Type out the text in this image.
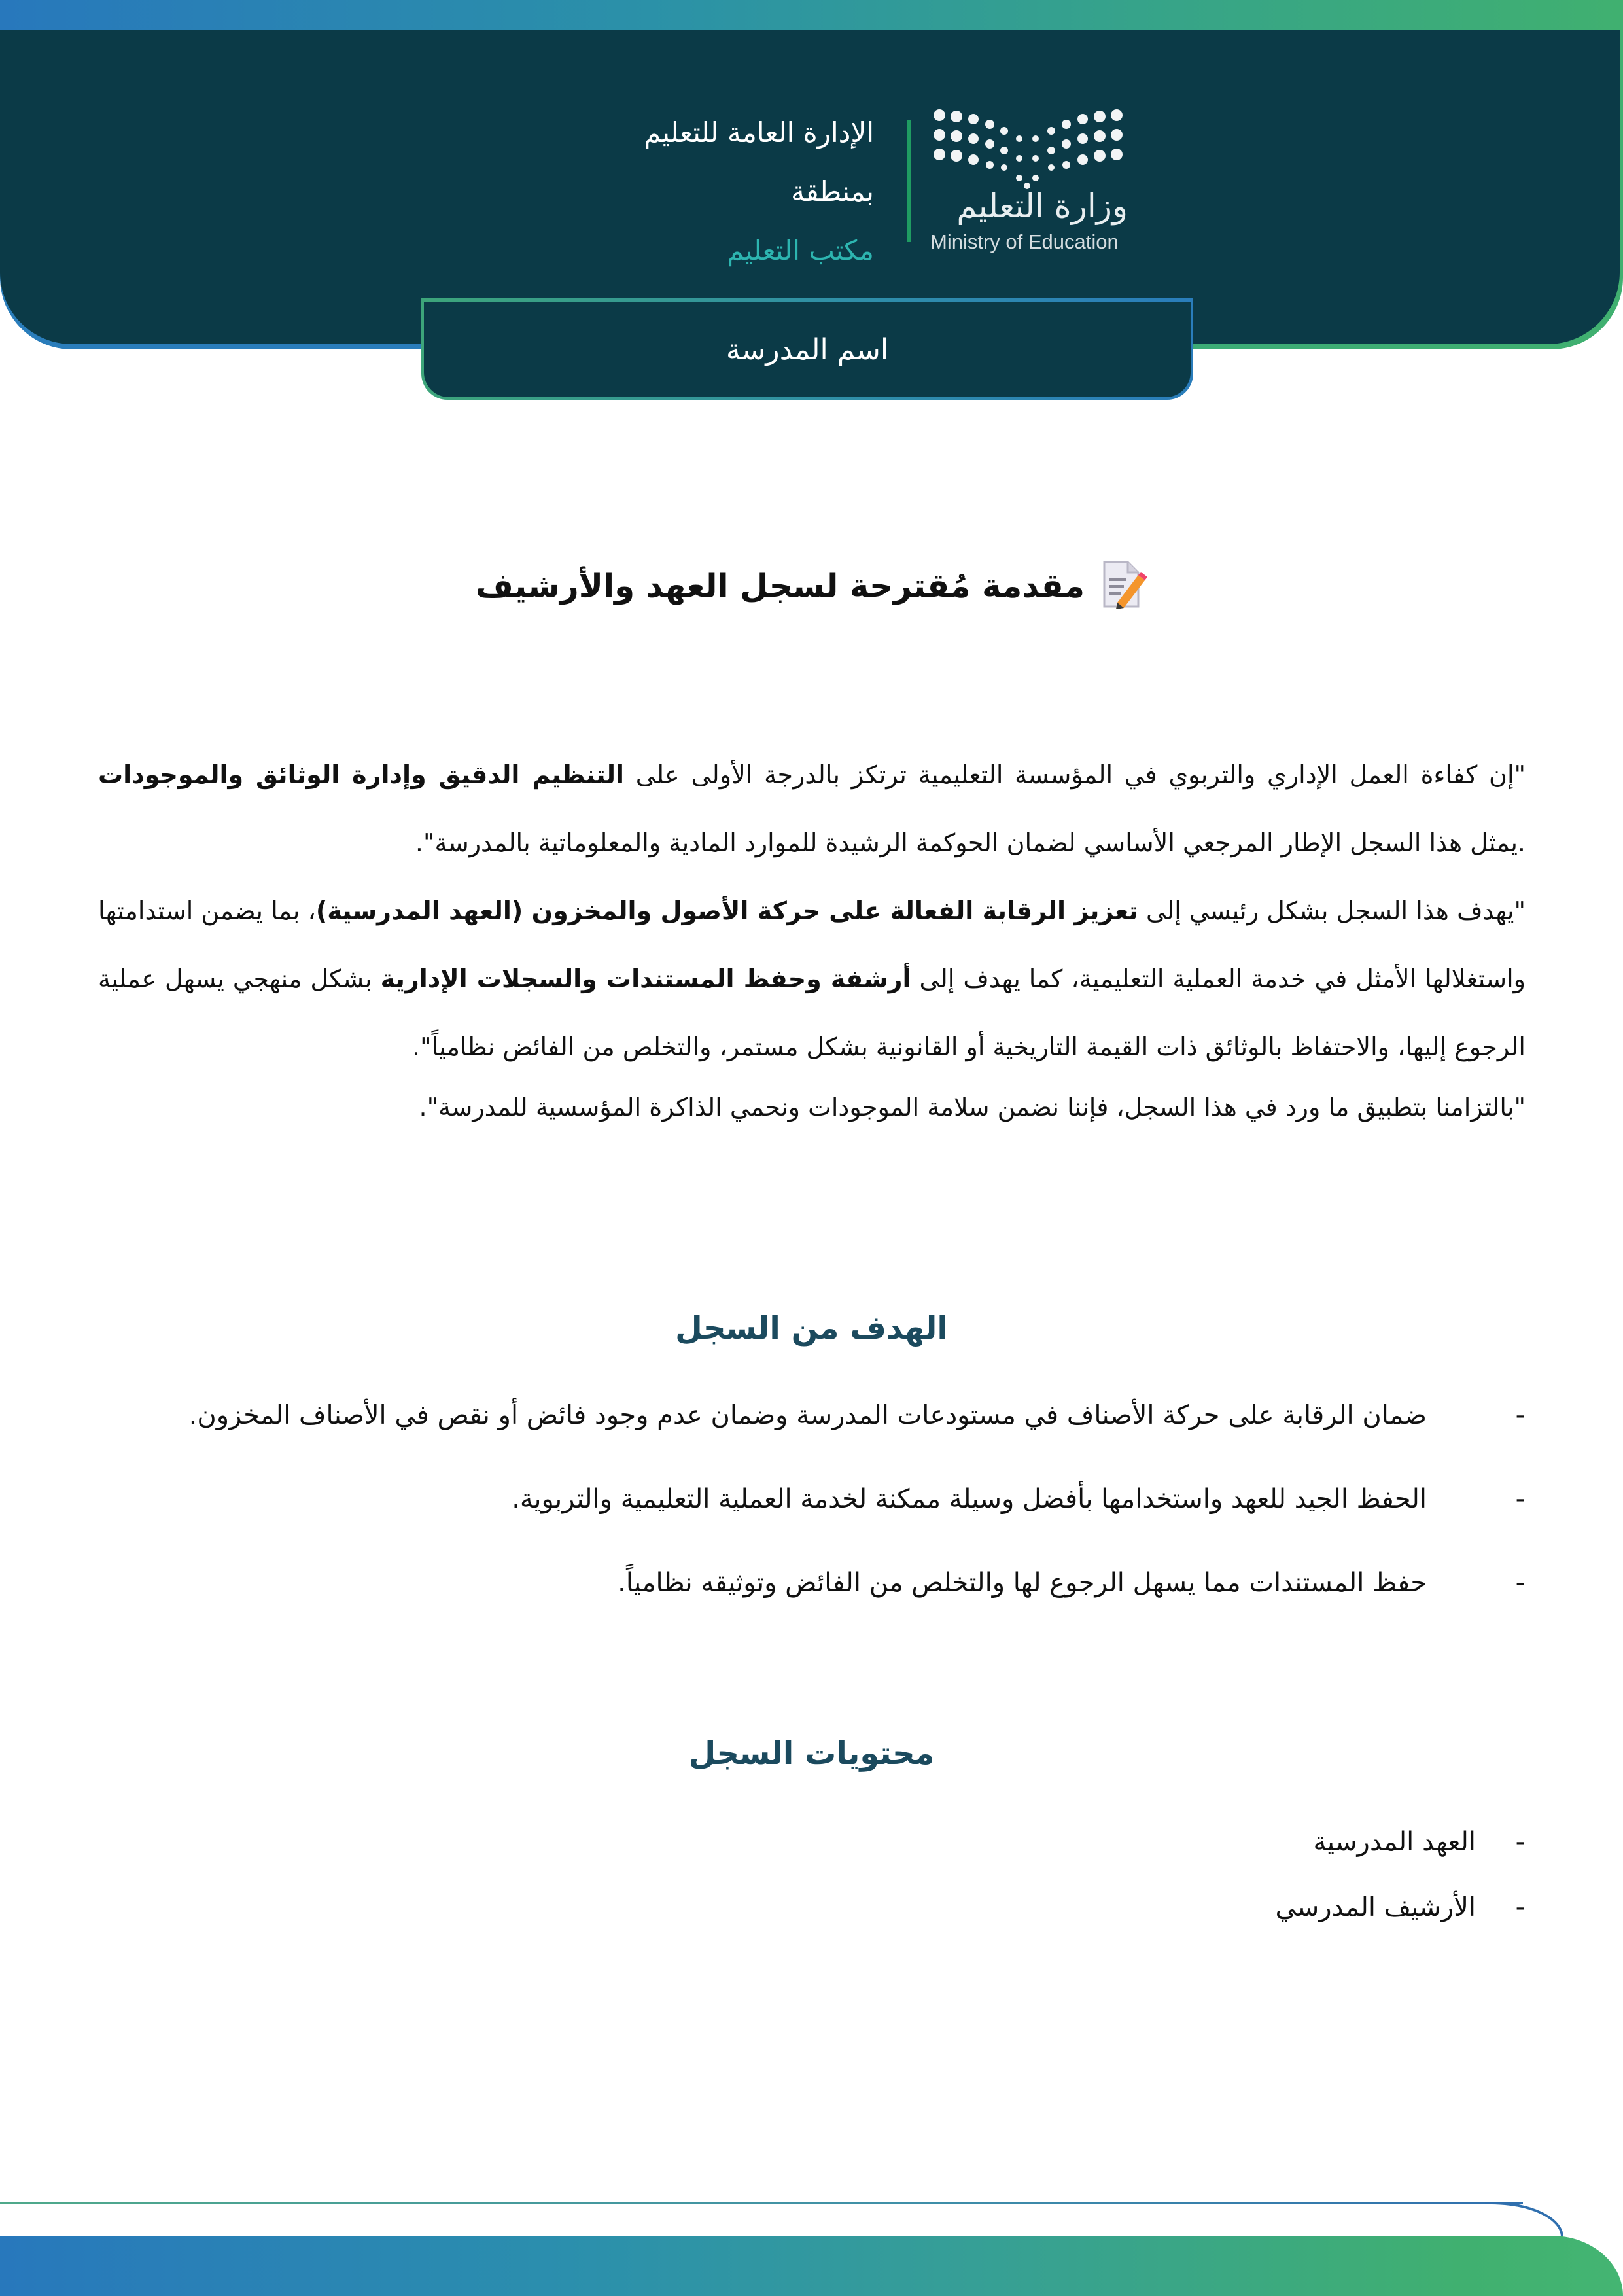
وزارة التعليم
Ministry of Education
الإدارة العامة للتعليم
بمنطقة
مكتب التعليم
اسم المدرسة
مقدمة مُقترحة لسجل العهد والأرشيف
"إن كفاءة العمل الإداري والتربوي في المؤسسة التعليمية ترتكز بالدرجة الأولى على التنظيم الدقيق وإدارة الوثائق والموجودات .يمثل هذا السجل الإطار المرجعي الأساسي لضمان الحوكمة الرشيدة للموارد المادية والمعلوماتية بالمدرسة".
"يهدف هذا السجل بشكل رئيسي إلى تعزيز الرقابة الفعالة على حركة الأصول والمخزون (العهد المدرسية)، بما يضمن استدامتها واستغلالها الأمثل في خدمة العملية التعليمية، كما يهدف إلى أرشفة وحفظ المستندات والسجلات الإدارية بشكل منهجي يسهل عملية الرجوع إليها، والاحتفاظ بالوثائق ذات القيمة التاريخية أو القانونية بشكل مستمر، والتخلص من الفائض نظامياً".
"بالتزامنا بتطبيق ما ورد في هذا السجل، فإننا نضمن سلامة الموجودات ونحمي الذاكرة المؤسسية للمدرسة".
الهدف من السجل
-
ضمان الرقابة على حركة الأصناف في مستودعات المدرسة وضمان عدم وجود فائض أو نقص في الأصناف المخزون.
-
الحفظ الجيد للعهد واستخدامها بأفضل وسيلة ممكنة لخدمة العملية التعليمية والتربوية.
-
حفظ المستندات مما يسهل الرجوع لها والتخلص من الفائض وتوثيقه نظامياً.
محتويات السجل
-
العهد المدرسية
-
الأرشيف المدرسي
